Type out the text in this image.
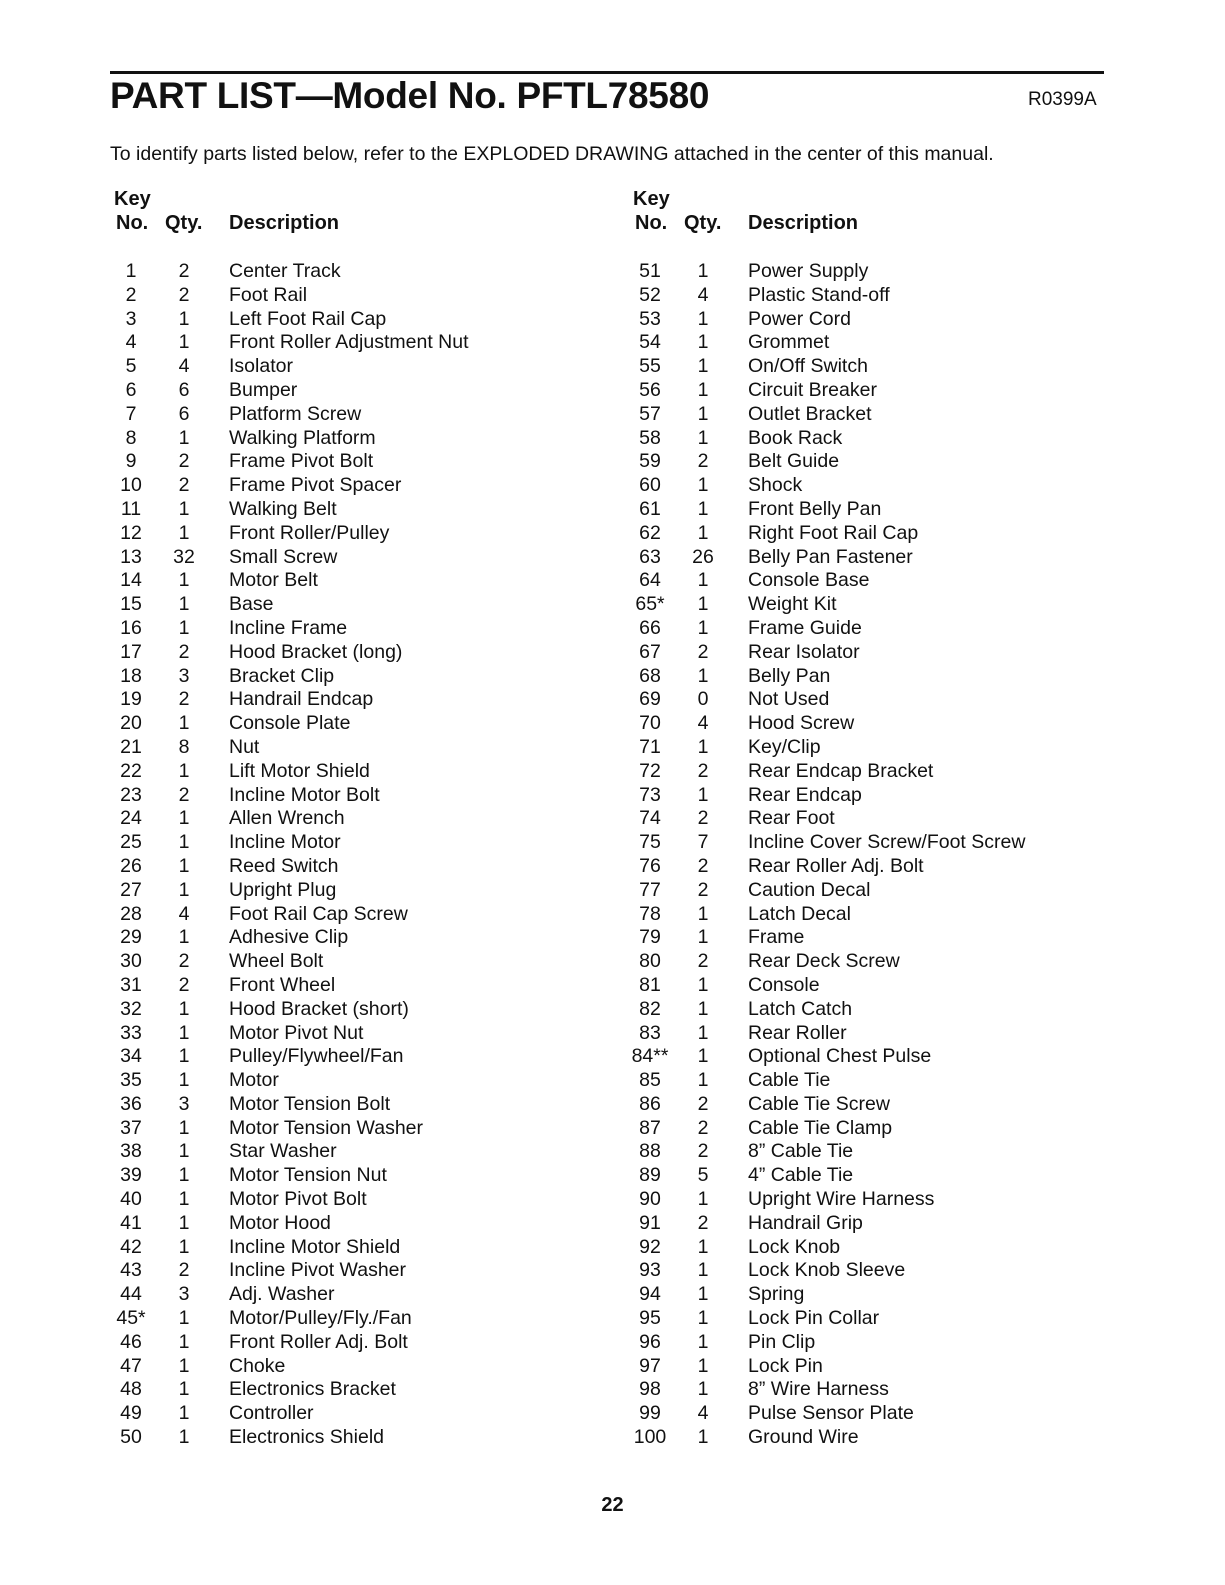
PART LIST—Model No. PFTL78580	R0399A
To identify parts listed below, refer to the EXPLODED DRAWING attached in the center of this manual.
Key
No. Qty. Description
1	2	Center Track
2	2	Foot Rail
3	1	Left Foot Rail Cap
4	1	Front Roller Adjustment Nut
5	4	Isolator
6	6	Bumper
7	6	Platform Screw
8	1	Walking Platform
9	2	Frame Pivot Bolt
10	2	Frame Pivot Spacer
11	1	Walking Belt
12	1	Front Roller/Pulley
13	32	Small Screw
14	1	Motor Belt
15	1	Base
16	1	Incline Frame
17	2	Hood Bracket (long)
18	3	Bracket Clip
19	2	Handrail Endcap
20	1	Console Plate
21	8	Nut
22	1	Lift Motor Shield
23	2	Incline Motor Bolt
24	1	Allen Wrench
25	1	Incline Motor
26	1	Reed Switch
27	1	Upright Plug
28	4	Foot Rail Cap Screw
29	1	Adhesive Clip
30	2	Wheel Bolt
31	2	Front Wheel
32	1	Hood Bracket (short)
33	1	Motor Pivot Nut
34	1	Pulley/Flywheel/Fan
35	1	Motor
36	3	Motor Tension Bolt
37	1	Motor Tension Washer
38	1	Star Washer
39	1	Motor Tension Nut
40	1	Motor Pivot Bolt
41	1	Motor Hood
42	1	Incline Motor Shield
43	2	Incline Pivot Washer
44	3	Adj. Washer
45*	1	Motor/Pulley/Fly./Fan
46	1	Front Roller Adj. Bolt
47	1	Choke
48	1	Electronics Bracket
49	1	Controller
50	1	Electronics Shield
Key
No. Qty. Description
51	1	Power Supply
52	4	Plastic Stand-off
53	1	Power Cord
54	1	Grommet
55	1	On/Off Switch
56	1	Circuit Breaker
57	1	Outlet Bracket
58	1	Book Rack
59	2	Belt Guide
60	1	Shock
61	1	Front Belly Pan
62	1	Right Foot Rail Cap
63	26	Belly Pan Fastener
64	1	Console Base
65*	1	Weight Kit
66	1	Frame Guide
67	2	Rear Isolator
68	1	Belly Pan
69	0	Not Used
70	4	Hood Screw
71	1	Key/Clip
72	2	Rear Endcap Bracket
73	1	Rear Endcap
74	2	Rear Foot
75	7	Incline Cover Screw/Foot Screw
76	2	Rear Roller Adj. Bolt
77	2	Caution Decal
78	1	Latch Decal
79	1	Frame
80	2	Rear Deck Screw
81	1	Console
82	1	Latch Catch
83	1	Rear Roller
84**	1	Optional Chest Pulse
85	1	Cable Tie
86	2	Cable Tie Screw
87	2	Cable Tie Clamp
88	2	8” Cable Tie
89	5	4” Cable Tie
90	1	Upright Wire Harness
91	2	Handrail Grip
92	1	Lock Knob
93	1	Lock Knob Sleeve
94	1	Spring
95	1	Lock Pin Collar
96	1	Pin Clip
97	1	Lock Pin
98	1	8” Wire Harness
99	4	Pulse Sensor Plate
100	1	Ground Wire
22
